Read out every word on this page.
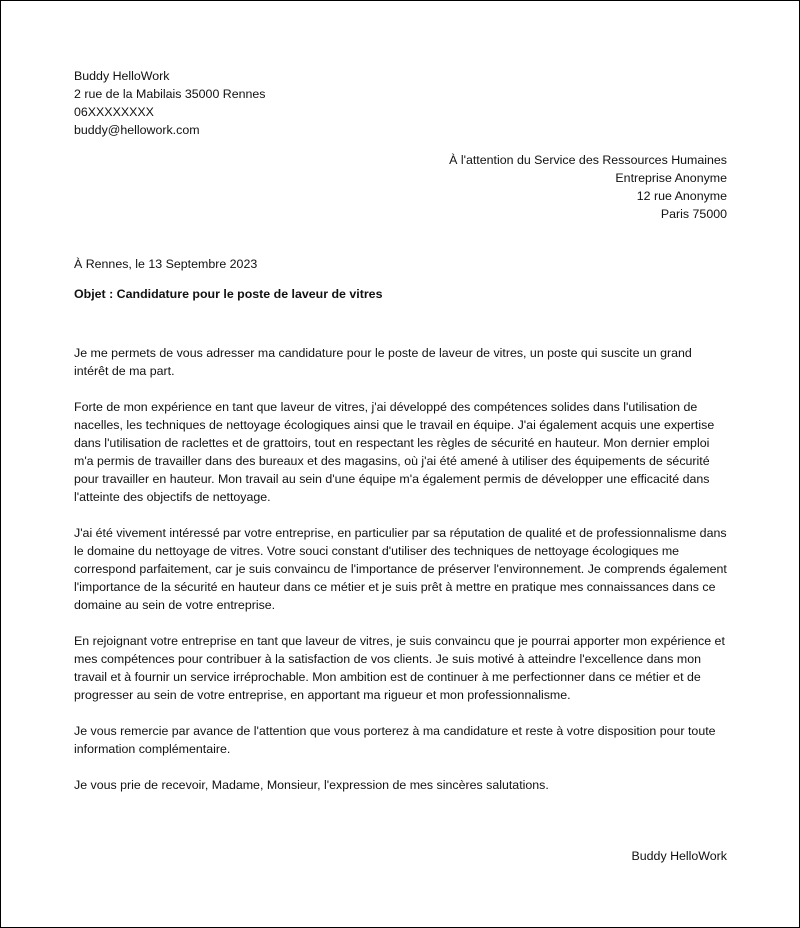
Buddy HelloWork
2 rue de la Mabilais 35000 Rennes
06XXXXXXXX
buddy@hellowork.com
À l'attention du Service des Ressources Humaines
Entreprise Anonyme
12 rue Anonyme
Paris 75000
À Rennes, le 13 Septembre 2023
Objet : Candidature pour le poste de laveur de vitres

Je me permets de vous adresser ma candidature pour le poste de laveur de vitres, un poste qui suscite un grand intérêt de ma part.

Forte de mon expérience en tant que laveur de vitres, j'ai développé des compétences solides dans l'utilisation de nacelles, les techniques de nettoyage écologiques ainsi que le travail en équipe. J'ai également acquis une expertise dans l'utilisation de raclettes et de grattoirs, tout en respectant les règles de sécurité en hauteur. Mon dernier emploi m'a permis de travailler dans des bureaux et des magasins, où j'ai été amené à utiliser des équipements de sécurité pour travailler en hauteur. Mon travail au sein d'une équipe m'a également permis de développer une efficacité dans l'atteinte des objectifs de nettoyage.

J'ai été vivement intéressé par votre entreprise, en particulier par sa réputation de qualité et de professionnalisme dans le domaine du nettoyage de vitres. Votre souci constant d'utiliser des techniques de nettoyage écologiques me correspond parfaitement, car je suis convaincu de l'importance de préserver l'environnement. Je comprends également l'importance de la sécurité en hauteur dans ce métier et je suis prêt à mettre en pratique mes connaissances dans ce domaine au sein de votre entreprise.

En rejoignant votre entreprise en tant que laveur de vitres, je suis convaincu que je pourrai apporter mon expérience et mes compétences pour contribuer à la satisfaction de vos clients. Je suis motivé à atteindre l'excellence dans mon travail et à fournir un service irréprochable. Mon ambition est de continuer à me perfectionner dans ce métier et de progresser au sein de votre entreprise, en apportant ma rigueur et mon professionnalisme.

Je vous remercie par avance de l'attention que vous porterez à ma candidature et reste à votre disposition pour toute information complémentaire.

Je vous prie de recevoir, Madame, Monsieur, l'expression de mes sincères salutations.

Buddy HelloWork
